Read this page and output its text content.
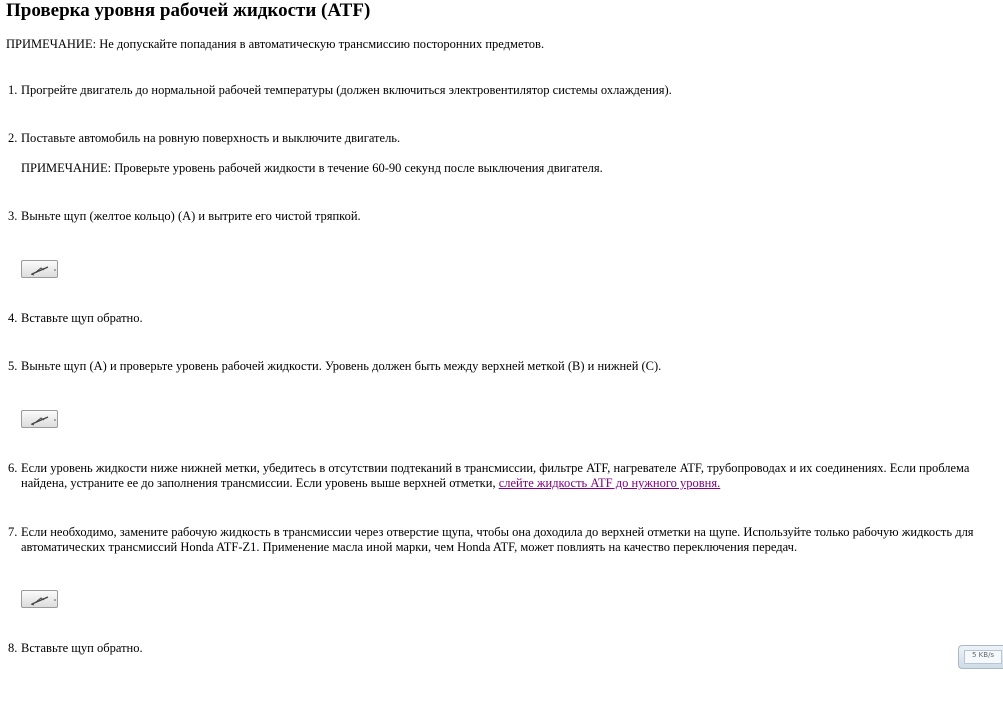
Проверка уровня рабочей жидкости (ATF)
ПРИМЕЧАНИЕ: Не допускайте попадания в автоматическую трансмиссию посторонних предметов.
1. Прогрейте двигатель до нормальной рабочей температуры (должен включиться электровентилятор системы охлаждения).
2. Поставьте автомобиль на ровную поверхность и выключите двигатель.
ПРИМЕЧАНИЕ: Проверьте уровень рабочей жидкости в течение 60-90 секунд после выключения двигателя.
3. Выньте щуп (желтое кольцо) (A) и вытрите его чистой тряпкой.
4. Вставьте щуп обратно.
5. Выньте щуп (A) и проверьте уровень рабочей жидкости. Уровень должен быть между верхней меткой (B) и нижней (C).
6. Если уровень жидкости ниже нижней метки, убедитесь в отсутствии подтеканий в трансмиссии, фильтре ATF, нагревателе ATF, трубопроводах и их соединениях. Если проблема найдена, устраните ее до заполнения трансмиссии. Если уровень выше верхней отметки, слейте жидкость ATF до нужного уровня.
7. Если необходимо, замените рабочую жидкость в трансмиссии через отверстие щупа, чтобы она доходила до верхней отметки на щупе. Используйте только рабочую жидкость для автоматических трансмиссий Honda ATF-Z1. Применение масла иной марки, чем Honda ATF, может повлиять на качество переключения передач.
8. Вставьте щуп обратно.	5 KB/s
